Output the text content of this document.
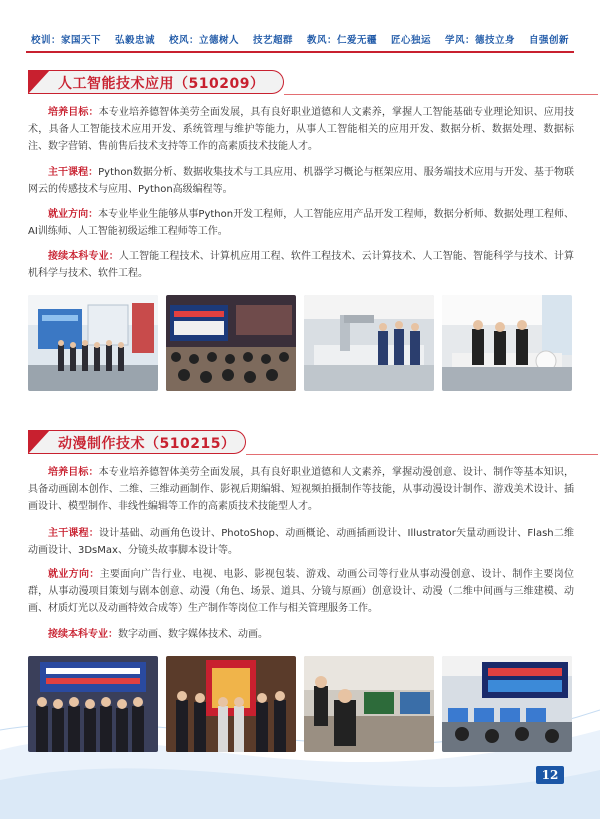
校训：家国天下 弘毅忠诚 校风：立德树人 技艺超群 教风：仁爱无疆 匠心独运 学风：德技立身 自强创新
人工智能技术应用（510209）

培养目标：本专业培养德智体美劳全面发展，具有良好职业道德和人文素养，掌握人工智能基础专业理论知识、应用技术，具备人工智能技术应用开发、系统管理与维护等能力，从事人工智能相关的应用开发、数据分析、数据处理、数据标注、数字营销、售前售后技术支持等工作的高素质技术技能人才。

主干课程：Python数据分析、数据收集技术与工具应用、机器学习概论与框架应用、服务端技术应用与开发、基于物联网云的传感技术与应用、Python高级编程等。

就业方向：本专业毕业生能够从事Python开发工程师，人工智能应用产品开发工程师，数据分析师、数据处理工程师、AI训练师、人工智能初级运维工程师等工作。

接续本科专业：人工智能工程技术、计算机应用工程、软件工程技术、云计算技术、人工智能、智能科学与技术、计算机科学与技术、软件工程。

动漫制作技术（510215）

培养目标：本专业培养德智体美劳全面发展，具有良好职业道德和人文素养，掌握动漫创意、设计、制作等基本知识，具备动画剧本创作、二维、三维动画制作、影视后期编辑、短视频拍摄制作等技能，从事动漫设计制作、游戏美术设计、插画设计、模型制作、非线性编辑等工作的高素质技术技能型人才。

主干课程：设计基础、动画角色设计、PhotoShop、动画概论、动画插画设计、Illustrator矢量动画设计、Flash二维动画设计、3DsMax、分镜头故事脚本设计等。

就业方向：主要面向广告行业、电视、电影、影视包装、游戏、动画公司等行业从事动漫创意、设计、制作主要岗位群，从事动漫项目策划与剧本创意、动漫（角色、场景、道具、分镜与原画）创意设计、动漫（二维中间画与三维建模、动画、材质灯光以及动画特效合成等）生产制作等岗位工作与相关管理服务工作。

接续本科专业：数字动画、数字媒体技术、动画。

12
